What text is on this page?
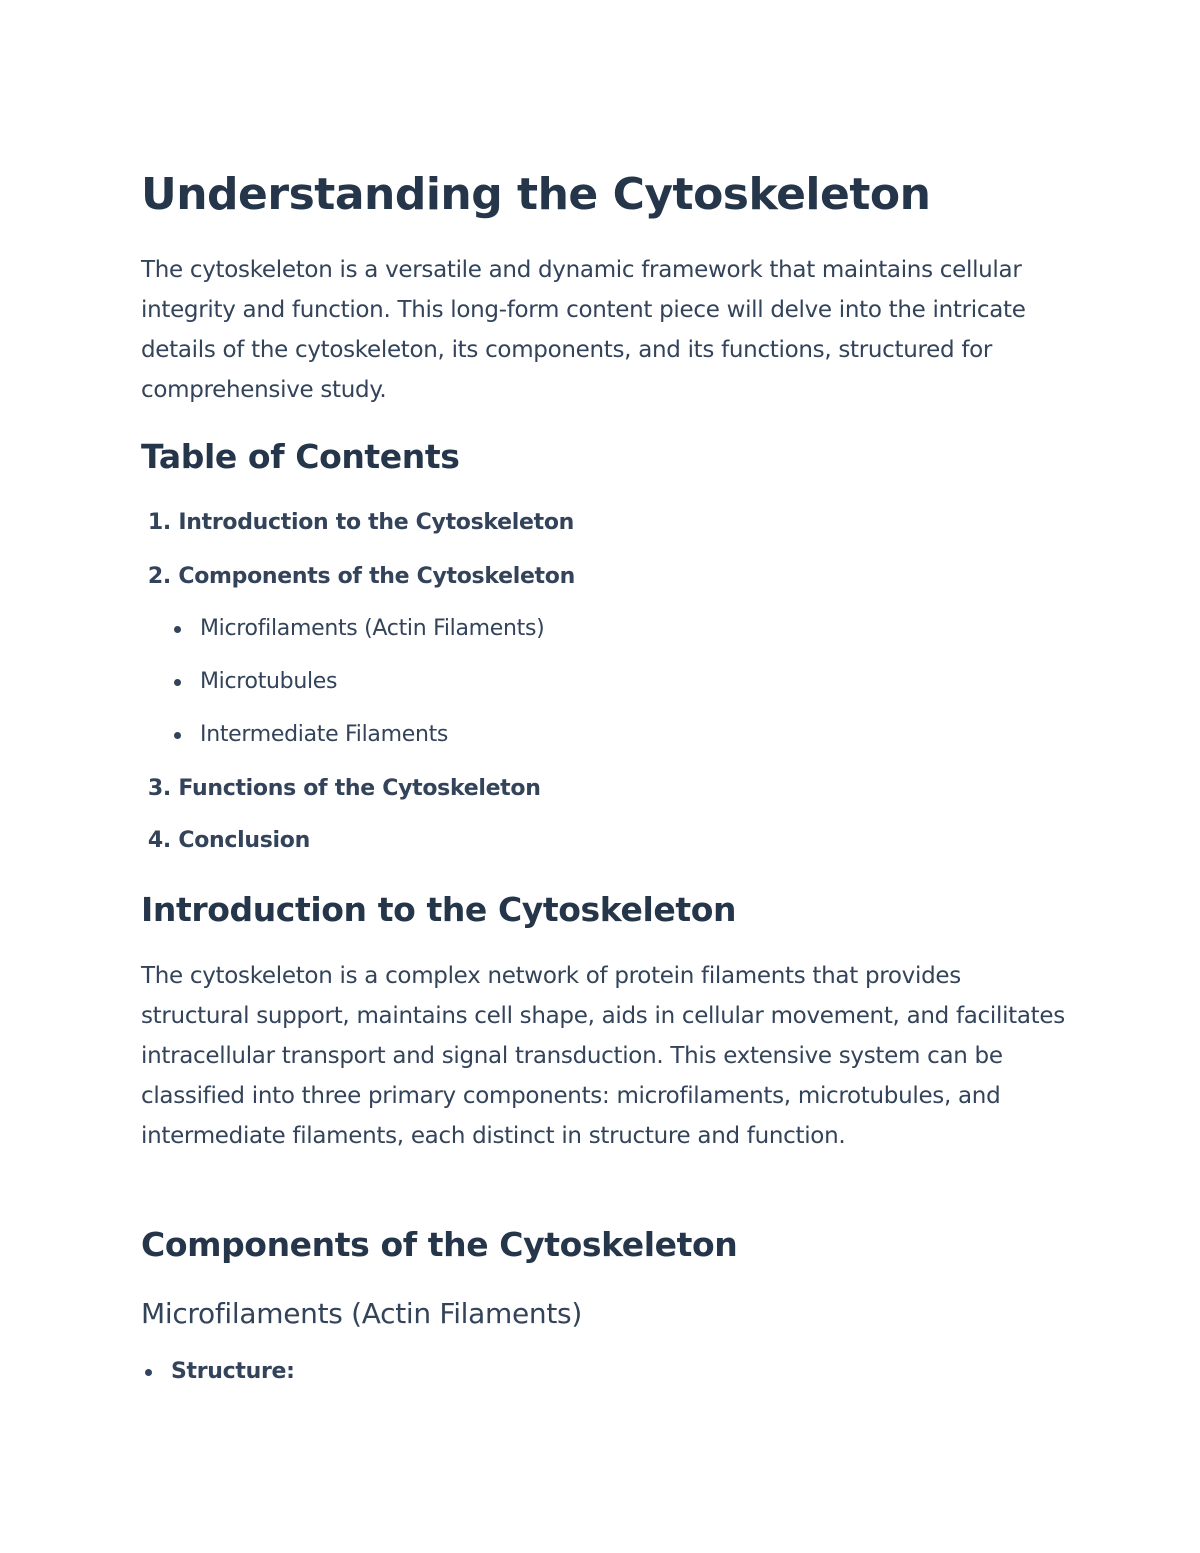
Understanding the Cytoskeleton

The cytoskeleton is a versatile and dynamic framework that maintains cellular integrity and function. This long-form content piece will delve into the intricate details of the cytoskeleton, its components, and its functions, structured for comprehensive study.

Table of Contents
1. Introduction to the Cytoskeleton
2. Components of the Cytoskeleton
Microfilaments (Actin Filaments)
Microtubules
Intermediate Filaments
3. Functions of the Cytoskeleton
4. Conclusion
Introduction to the Cytoskeleton

The cytoskeleton is a complex network of protein filaments that provides structural support, maintains cell shape, aids in cellular movement, and facilitates intracellular transport and signal transduction. This extensive system can be classified into three primary components: microfilaments, microtubules, and intermediate filaments, each distinct in structure and function.

Components of the Cytoskeleton
Microfilaments (Actin Filaments)
Structure:
